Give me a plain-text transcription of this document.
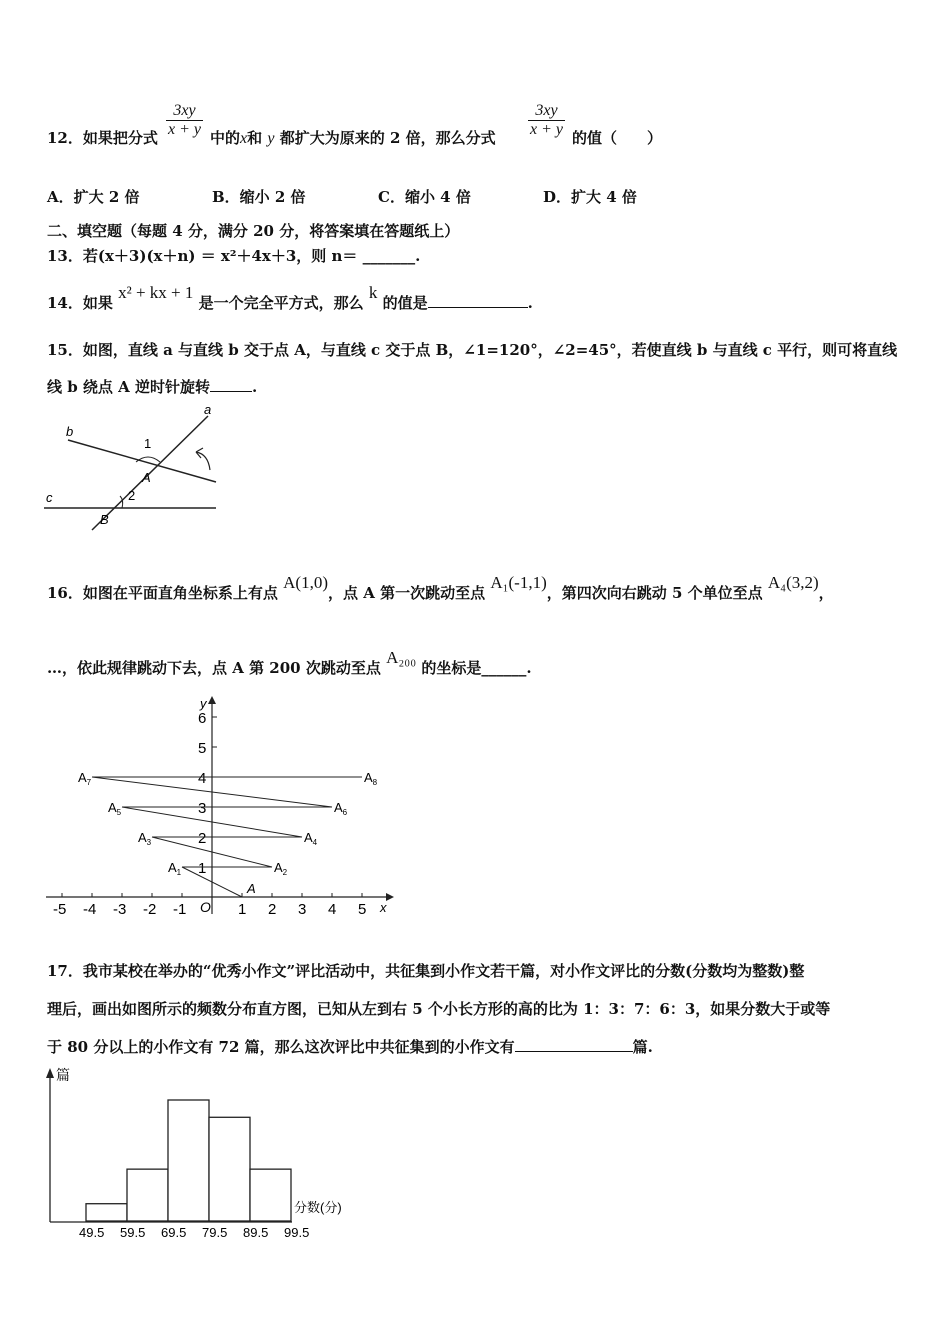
12．如果把分式 $\frac{3xy}{x + y}$ 中的x和 y 都扩大为原来的 2 倍，那么分式 $\frac{3xy}{x + y}$ 的值（　　）
A．扩大 2 倍	B．缩小 2 倍	C．缩小 4 倍	D．扩大 4 倍
二、填空题（每题 4 分，满分 20 分，将答案填在答题纸上）
13．若(x＋3)(x＋n) ＝ x²＋4x＋3，则 n＝ _______.
14．如果 x² + kx + 1 是一个完全平方式，那么 k 的值是	.
15．如图，直线 a 与直线 b 交于点 A，与直线 c 交于点 B，∠1=120°，∠2=45°，若使直线 b 与直线 c 平行，则可将直线
线 b 绕点 A 逆时针旋转	.
a
b
c
1
2
A
B
16．如图在平面直角坐标系上有点 A(1,0)，点 A 第一次跳动至点 A₁(-1,1)，第四次向右跳动 5 个单位至点 A₄(3,2)，
…，依此规律跳动下去，点 A 第 200 次跳动至点 A₂₀₀ 的坐标是______.
x
y
O
-5 -4 -3 -2 -1	1 2 3 4 5
1
2
3
4
5
6
A
$A_1$	$A_2$
$A_3$	$A_4$
$A_5$	$A_6$
$A_7$	$A_8$
17．我市某校在举办的“优秀小作文”评比活动中，共征集到小作文若干篇，对小作文评比的分数(分数均为整数)整
理后，画出如图所示的频数分布直方图，已知从左到右 5 个小长方形的高的比为 1：3：7：6：3，如果分数大于或等
于 80 分以上的小作文有 72 篇，那么这次评比中共征集到的小作文有	篇.
篇
分数(分)
49.5 59.5 69.5 79.5 89.5 99.5
